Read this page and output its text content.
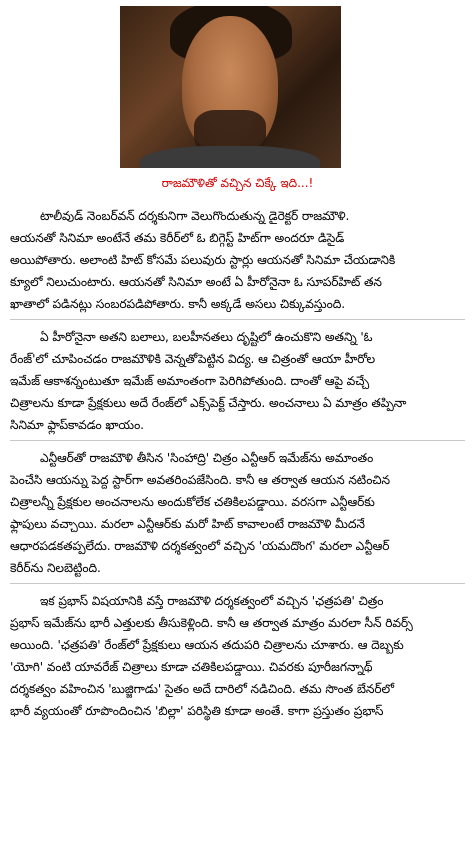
రాజమౌళితో వచ్చిన చిక్కే ఇది...!
టాలీవుడ్ నెంబర్‌వన్ దర్శకునిగా వెలుగొందుతున్న డైరెక్టర్ రాజమౌళి.
ఆయనతో సినిమా అంటేనే తమ కెరీర్‌లో ఓ బిగ్గెస్ట్ హిట్‌గా అందరూ డిసైడ్
అయిపోతారు. అలాంటి హిట్ కోసమే పలువురు స్టార్లు ఆయనతో సినిమా చేయడానికి
క్యూలో నిలుచుంటారు. ఆయనతో సినిమా అంటే ఏ హీరోనైనా ఓ సూపర్‌హిట్ తన
ఖాతాలో పడినట్లు సంబరపడిపోతారు. కానీ అక్కడే అసలు చిక్కువస్తుంది.
ఏ హీరోనైనా అతని బలాలు, బలహీనతలు దృష్టిలో ఉంచుకొని అతన్ని 'ఓ
రేంజ్‌'లో చూపించడం రాజమౌళికి వెన్నతోపెట్టిన విద్య. ఆ చిత్రంతో ఆయా హీరోల
ఇమేజ్ ఆకాశన్నంటుతూ ఇమేజ్ అమాంతంగా పెరిగిపోతుంది. దాంతో ఆపై వచ్చే
చిత్రాలను కూడా ప్రేక్షకులు అదే రేంజ్‌లో ఎక్స్‌పెక్ట్ చేస్తారు. అంచనాలు ఏ మాత్రం తప్పినా
సినిమా ఫ్లాప్‌కావడం ఖాయం.
ఎన్టీఆర్‌తో రాజమౌళి తీసిన 'సింహాద్రి' చిత్రం ఎన్టీఆర్ ఇమేజ్‌ను అమాంతం
పెంచేసి ఆయన్ను పెద్ద స్టార్‌గా అవతరింపజేసింది. కానీ ఆ తర్వాత ఆయన నటించిన
చిత్రాలన్నీ ప్రేక్షకుల అంచనాలను అందుకోలేక చతికిలపడ్డాయి. వరసగా ఎన్టీఆర్‌కు
ఫ్లాపులు వచ్చాయి. మరలా ఎన్టీఆర్‌కు మరో హిట్ కావాలంటే రాజమౌళి మీదనే
ఆధారపడకతప్పలేదు. రాజమౌళి దర్శకత్వంలో వచ్చిన 'యమదొంగ' మరలా ఎన్టీఆర్
కెరీర్‌ను నిలబెట్టింది.
ఇక ప్రభాస్ విషయానికి వస్తే రాజమౌళి దర్శకత్వంలో వచ్చిన 'ఛత్రపతి' చిత్రం
ప్రభాస్ ఇమేజ్‌ను భారీ ఎత్తులకు తీసుకెళ్లింది. కానీ ఆ తర్వాత మాత్రం మరలా సీన్ రివర్స్
అయింది. 'ఛత్రపతి' రేంజ్‌లో ప్రేక్షకులు ఆయన తదుపరి చిత్రాలను చూశారు. ఆ దెబ్బకు
'యోగి' వంటి యావరేజ్ చిత్రాలు కూడా చతికిలపడ్డాయి. చివరకు పూరీజగన్నాథ్
దర్శకత్వం వహించిన 'బుజ్జిగాడు' సైతం అదే దారిలో నడిచింది. తమ సొంత బేనర్‌లో
భారీ వ్యయంతో రూపొందించిన 'బిల్లా' పరిస్థితి కూడా అంతే. కాగా ప్రస్తుతం ప్రభాస్
